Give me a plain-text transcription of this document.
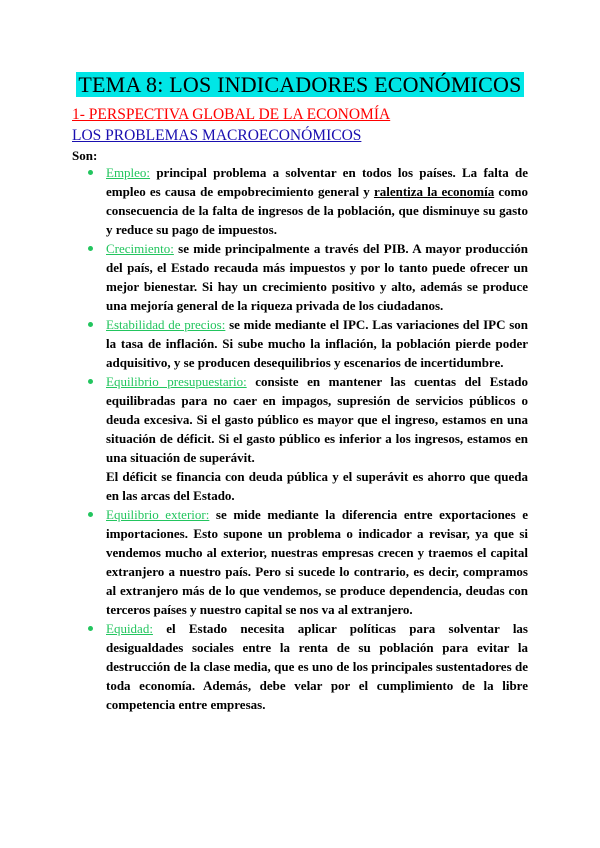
TEMA 8: LOS INDICADORES ECONÓMICOS
1- PERSPECTIVA GLOBAL DE LA ECONOMÍA
LOS PROBLEMAS MACROECONÓMICOS
Son:
Empleo: principal problema a solventar en todos los países. La falta de empleo es causa de empobrecimiento general y ralentiza la economía como consecuencia de la falta de ingresos de la población, que disminuye su gasto y reduce su pago de impuestos.
Crecimiento: se mide principalmente a través del PIB. A mayor producción del país, el Estado recauda más impuestos y por lo tanto puede ofrecer un mejor bienestar. Si hay un crecimiento positivo y alto, además se produce una mejoría general de la riqueza privada de los ciudadanos.
Estabilidad de precios: se mide mediante el IPC. Las variaciones del IPC son la tasa de inflación. Si sube mucho la inflación, la población pierde poder adquisitivo, y se producen desequilibrios y escenarios de incertidumbre.
Equilibrio presupuestario: consiste en mantener las cuentas del Estado equilibradas para no caer en impagos, supresión de servicios públicos o deuda excesiva. Si el gasto público es mayor que el ingreso, estamos en una situación de déficit. Si el gasto público es inferior a los ingresos, estamos en una situación de superávit.
El déficit se financia con deuda pública y el superávit es ahorro que queda en las arcas del Estado.
Equilibrio exterior: se mide mediante la diferencia entre exportaciones e importaciones. Esto supone un problema o indicador a revisar, ya que si vendemos mucho al exterior, nuestras empresas crecen y traemos el capital extranjero a nuestro país. Pero si sucede lo contrario, es decir, compramos al extranjero más de lo que vendemos, se produce dependencia, deudas con terceros países y nuestro capital se nos va al extranjero.
Equidad: el Estado necesita aplicar políticas para solventar las desigualdades sociales entre la renta de su población para evitar la destrucción de la clase media, que es uno de los principales sustentadores de toda economía. Además, debe velar por el cumplimiento de la libre competencia entre empresas.
